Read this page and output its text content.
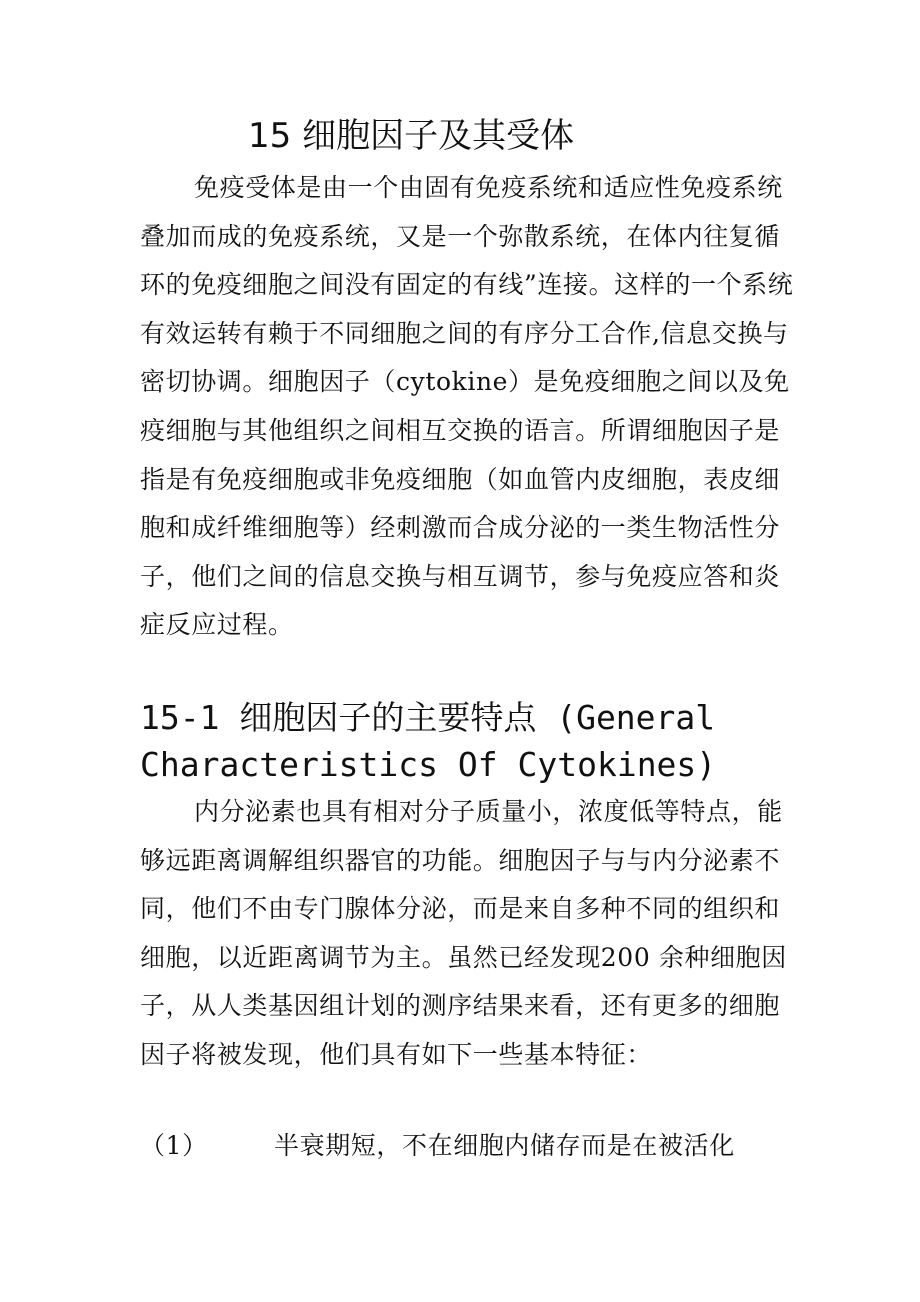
15 细胞因子及其受体

免疫受体是由一个由固有免疫系统和适应性免疫系统叠加而成的免疫系统，又是一个弥散系统，在体内往复循环的免疫细胞之间没有固定的有线”连接。这样的一个系统有效运转有赖于不同细胞之间的有序分工合作,信息交换与密切协调。细胞因子（cytokine）是免疫细胞之间以及免疫细胞与其他组织之间相互交换的语言。所谓细胞因子是指是有免疫细胞或非免疫细胞（如血管内皮细胞，表皮细胞和成纤维细胞等）经刺激而合成分泌的一类生物活性分子，他们之间的信息交换与相互调节，参与免疫应答和炎症反应过程。

15-1 细胞因子的主要特点 (General Characteristics Of Cytokines)

内分泌素也具有相对分子质量小，浓度低等特点，能够远距离调解组织器官的功能。细胞因子与与内分泌素不同，他们不由专门腺体分泌，而是来自多种不同的组织和细胞，以近距离调节为主。虽然已经发现200 余种细胞因子，从人类基因组计划的测序结果来看，还有更多的细胞因子将被发现，他们具有如下一些基本特征：

（1）	半衰期短，不在细胞内储存而是在被活化
